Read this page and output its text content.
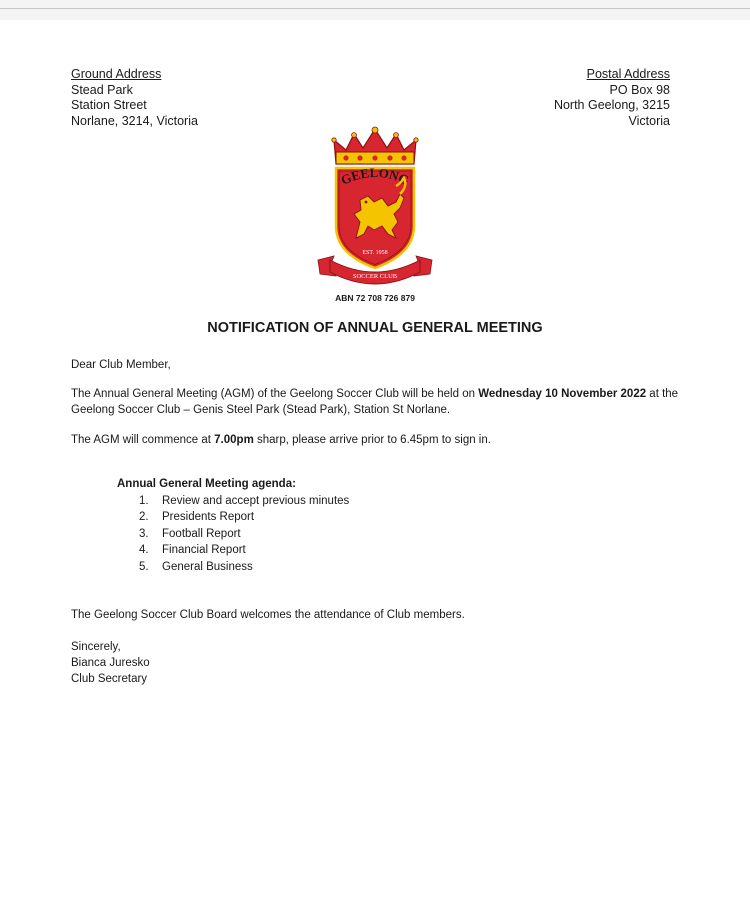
Ground Address
Stead Park
Station Street
Norlane, 3214, Victoria
Postal Address
PO Box 98
North Geelong, 3215
Victoria
GEELONG
EST. 1958
SOCCER CLUB
ABN 72 708 726 879
NOTIFICATION OF ANNUAL GENERAL MEETING
Dear Club Member,
The Annual General Meeting (AGM) of the Geelong Soccer Club will be held on Wednesday 10 November 2022 at the Geelong Soccer Club – Genis Steel Park (Stead Park), Station St Norlane.
The AGM will commence at 7.00pm sharp, please arrive prior to 6.45pm to sign in.
Annual General Meeting agenda:
1. Review and accept previous minutes
2. Presidents Report
3. Football Report
4. Financial Report
5. General Business
The Geelong Soccer Club Board welcomes the attendance of Club members.
Sincerely,
Bianca Juresko
Club Secretary
